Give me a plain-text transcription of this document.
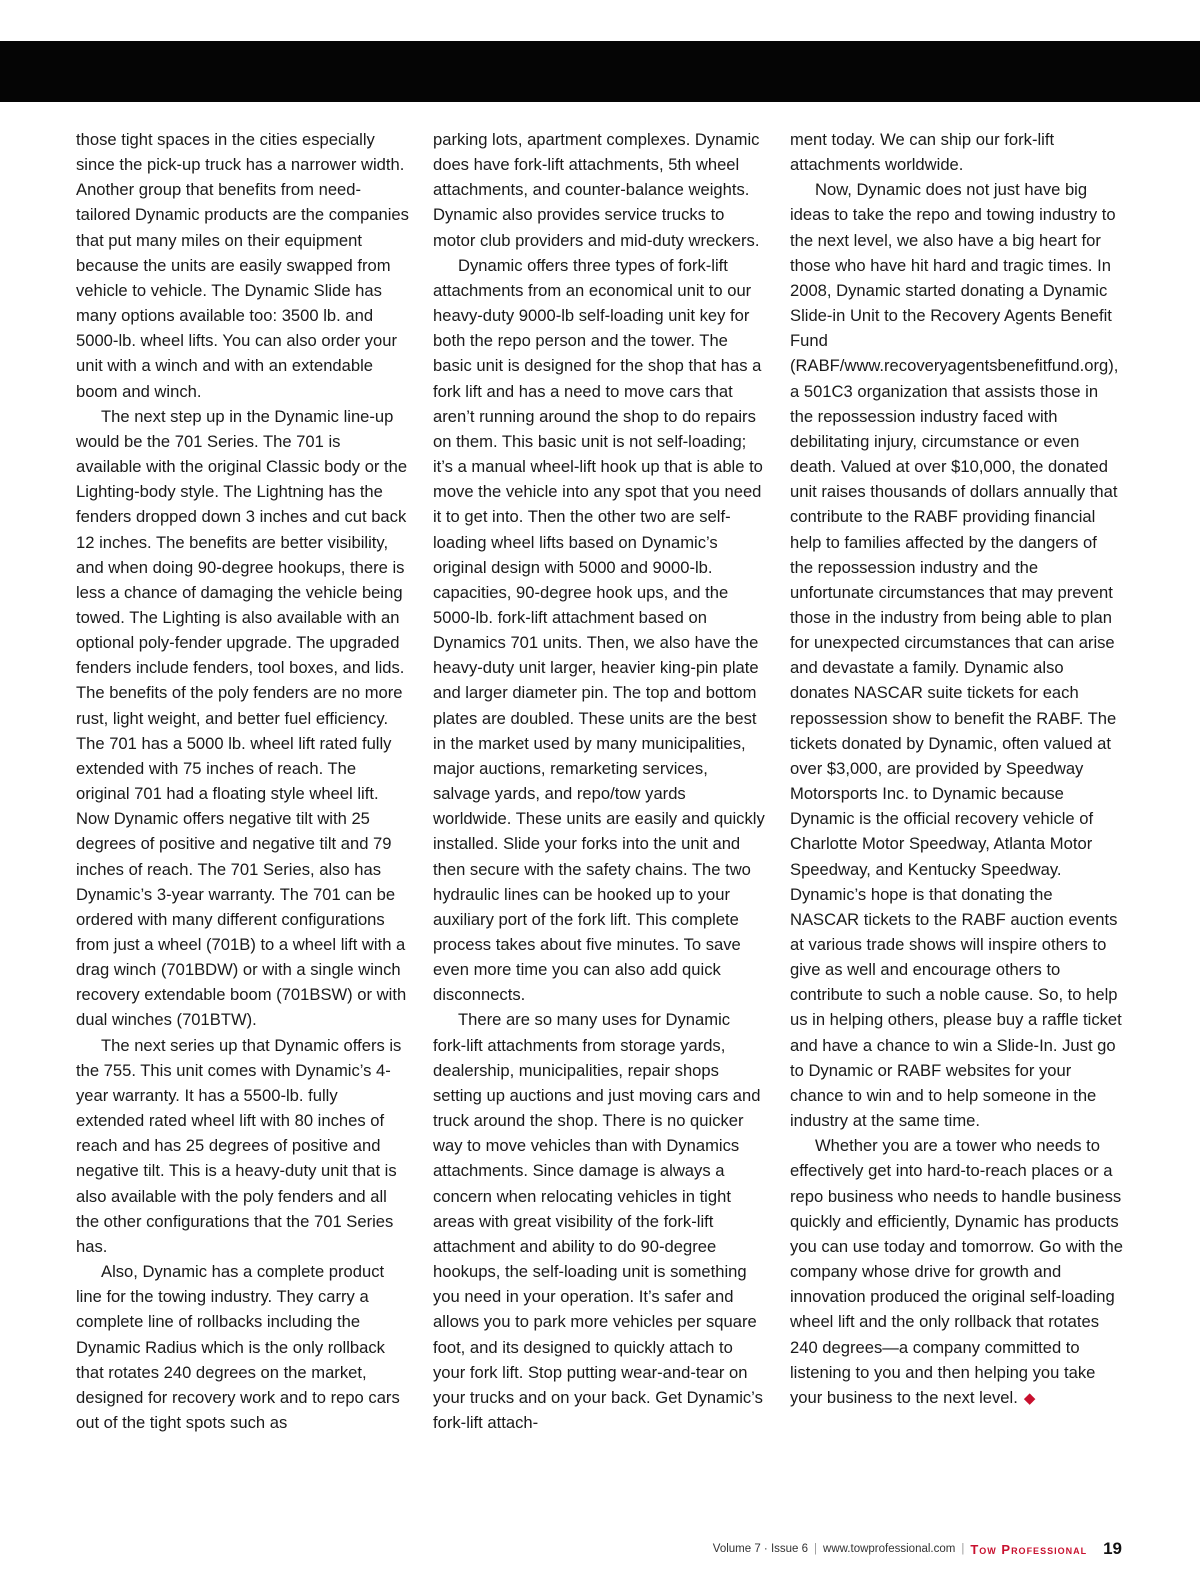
those tight spaces in the cities especially since the pick-up truck has a narrower width. Another group that benefits from need-tailored Dynamic products are the companies that put many miles on their equipment because the units are easily swapped from vehicle to vehicle. The Dynamic Slide has many options available too: 3500 lb. and 5000-lb. wheel lifts. You can also order your unit with a winch and with an extendable boom and winch.

The next step up in the Dynamic line-up would be the 701 Series. The 701 is available with the original Classic body or the Lighting-body style. The Lightning has the fenders dropped down 3 inches and cut back 12 inches. The benefits are better visibility, and when doing 90-degree hookups, there is less a chance of damaging the vehicle being towed. The Lighting is also available with an optional poly-fender upgrade. The upgraded fenders include fenders, tool boxes, and lids. The benefits of the poly fenders are no more rust, light weight, and better fuel efficiency. The 701 has a 5000 lb. wheel lift rated fully extended with 75 inches of reach. The original 701 had a floating style wheel lift. Now Dynamic offers negative tilt with 25 degrees of positive and negative tilt and 79 inches of reach. The 701 Series, also has Dynamic’s 3-year warranty. The 701 can be ordered with many different configurations from just a wheel (701B) to a wheel lift with a drag winch (701BDW) or with a single winch recovery extendable boom (701BSW) or with dual winches (701BTW).

The next series up that Dynamic offers is the 755. This unit comes with Dynamic’s 4-year warranty. It has a 5500-lb. fully extended rated wheel lift with 80 inches of reach and has 25 degrees of positive and negative tilt. This is a heavy-duty unit that is also available with the poly fenders and all the other configurations that the 701 Series has.

Also, Dynamic has a complete product line for the towing industry. They carry a complete line of rollbacks including the Dynamic Radius which is the only rollback that rotates 240 degrees on the market, designed for recovery work and to repo cars out of the tight spots such as

parking lots, apartment complexes. Dynamic does have fork-lift attachments, 5th wheel attachments, and counter-balance weights. Dynamic also provides service trucks to motor club providers and mid-duty wreckers.

Dynamic offers three types of fork-lift attachments from an economical unit to our heavy-duty 9000-lb self-loading unit key for both the repo person and the tower. The basic unit is designed for the shop that has a fork lift and has a need to move cars that aren’t running around the shop to do repairs on them. This basic unit is not self-loading; it’s a manual wheel-lift hook up that is able to move the vehicle into any spot that you need it to get into. Then the other two are self-loading wheel lifts based on Dynamic’s original design with 5000 and 9000-lb. capacities, 90-degree hook ups, and the 5000-lb. fork-lift attachment based on Dynamics 701 units. Then, we also have the heavy-duty unit larger, heavier king-pin plate and larger diameter pin. The top and bottom plates are doubled. These units are the best in the market used by many municipalities, major auctions, remarketing services, salvage yards, and repo/tow yards worldwide. These units are easily and quickly installed. Slide your forks into the unit and then secure with the safety chains. The two hydraulic lines can be hooked up to your auxiliary port of the fork lift. This complete process takes about five minutes. To save even more time you can also add quick disconnects.

There are so many uses for Dynamic fork-lift attachments from storage yards, dealership, municipalities, repair shops setting up auctions and just moving cars and truck around the shop. There is no quicker way to move vehicles than with Dynamics attachments. Since damage is always a concern when relocating vehicles in tight areas with great visibility of the fork-lift attachment and ability to do 90-degree hookups, the self-loading unit is something you need in your operation. It’s safer and allows you to park more vehicles per square foot, and its designed to quickly attach to your fork lift. Stop putting wear-and-tear on your trucks and on your back. Get Dynamic’s fork-lift attach-

ment today. We can ship our fork-lift attachments worldwide.

Now, Dynamic does not just have big ideas to take the repo and towing industry to the next level, we also have a big heart for those who have hit hard and tragic times. In 2008, Dynamic started donating a Dynamic Slide-in Unit to the Recovery Agents Benefit Fund (RABF/www.recoveryagentsbenefitfund.org), a 501C3 organization that assists those in the repossession industry faced with debilitating injury, circumstance or even death. Valued at over $10,000, the donated unit raises thousands of dollars annually that contribute to the RABF providing financial help to families affected by the dangers of the repossession industry and the unfortunate circumstances that may prevent those in the industry from being able to plan for unexpected circumstances that can arise and devastate a family. Dynamic also donates NASCAR suite tickets for each repossession show to benefit the RABF. The tickets donated by Dynamic, often valued at over $3,000, are provided by Speedway Motorsports Inc. to Dynamic because Dynamic is the official recovery vehicle of Charlotte Motor Speedway, Atlanta Motor Speedway, and Kentucky Speedway. Dynamic’s hope is that donating the NASCAR tickets to the RABF auction events at various trade shows will inspire others to give as well and encourage others to contribute to such a noble cause. So, to help us in helping others, please buy a raffle ticket and have a chance to win a Slide-In. Just go to Dynamic or RABF websites for your chance to win and to help someone in the industry at the same time.

Whether you are a tower who needs to effectively get into hard-to-reach places or a repo business who needs to handle business quickly and efficiently, Dynamic has products you can use today and tomorrow. Go with the company whose drive for growth and innovation produced the original self-loading wheel lift and the only rollback that rotates 240 degrees—a company committed to listening to you and then helping you take your business to the next level. ◆

Volume 7 · Issue 6 | www.towprofessional.com | Tow Professional 19
